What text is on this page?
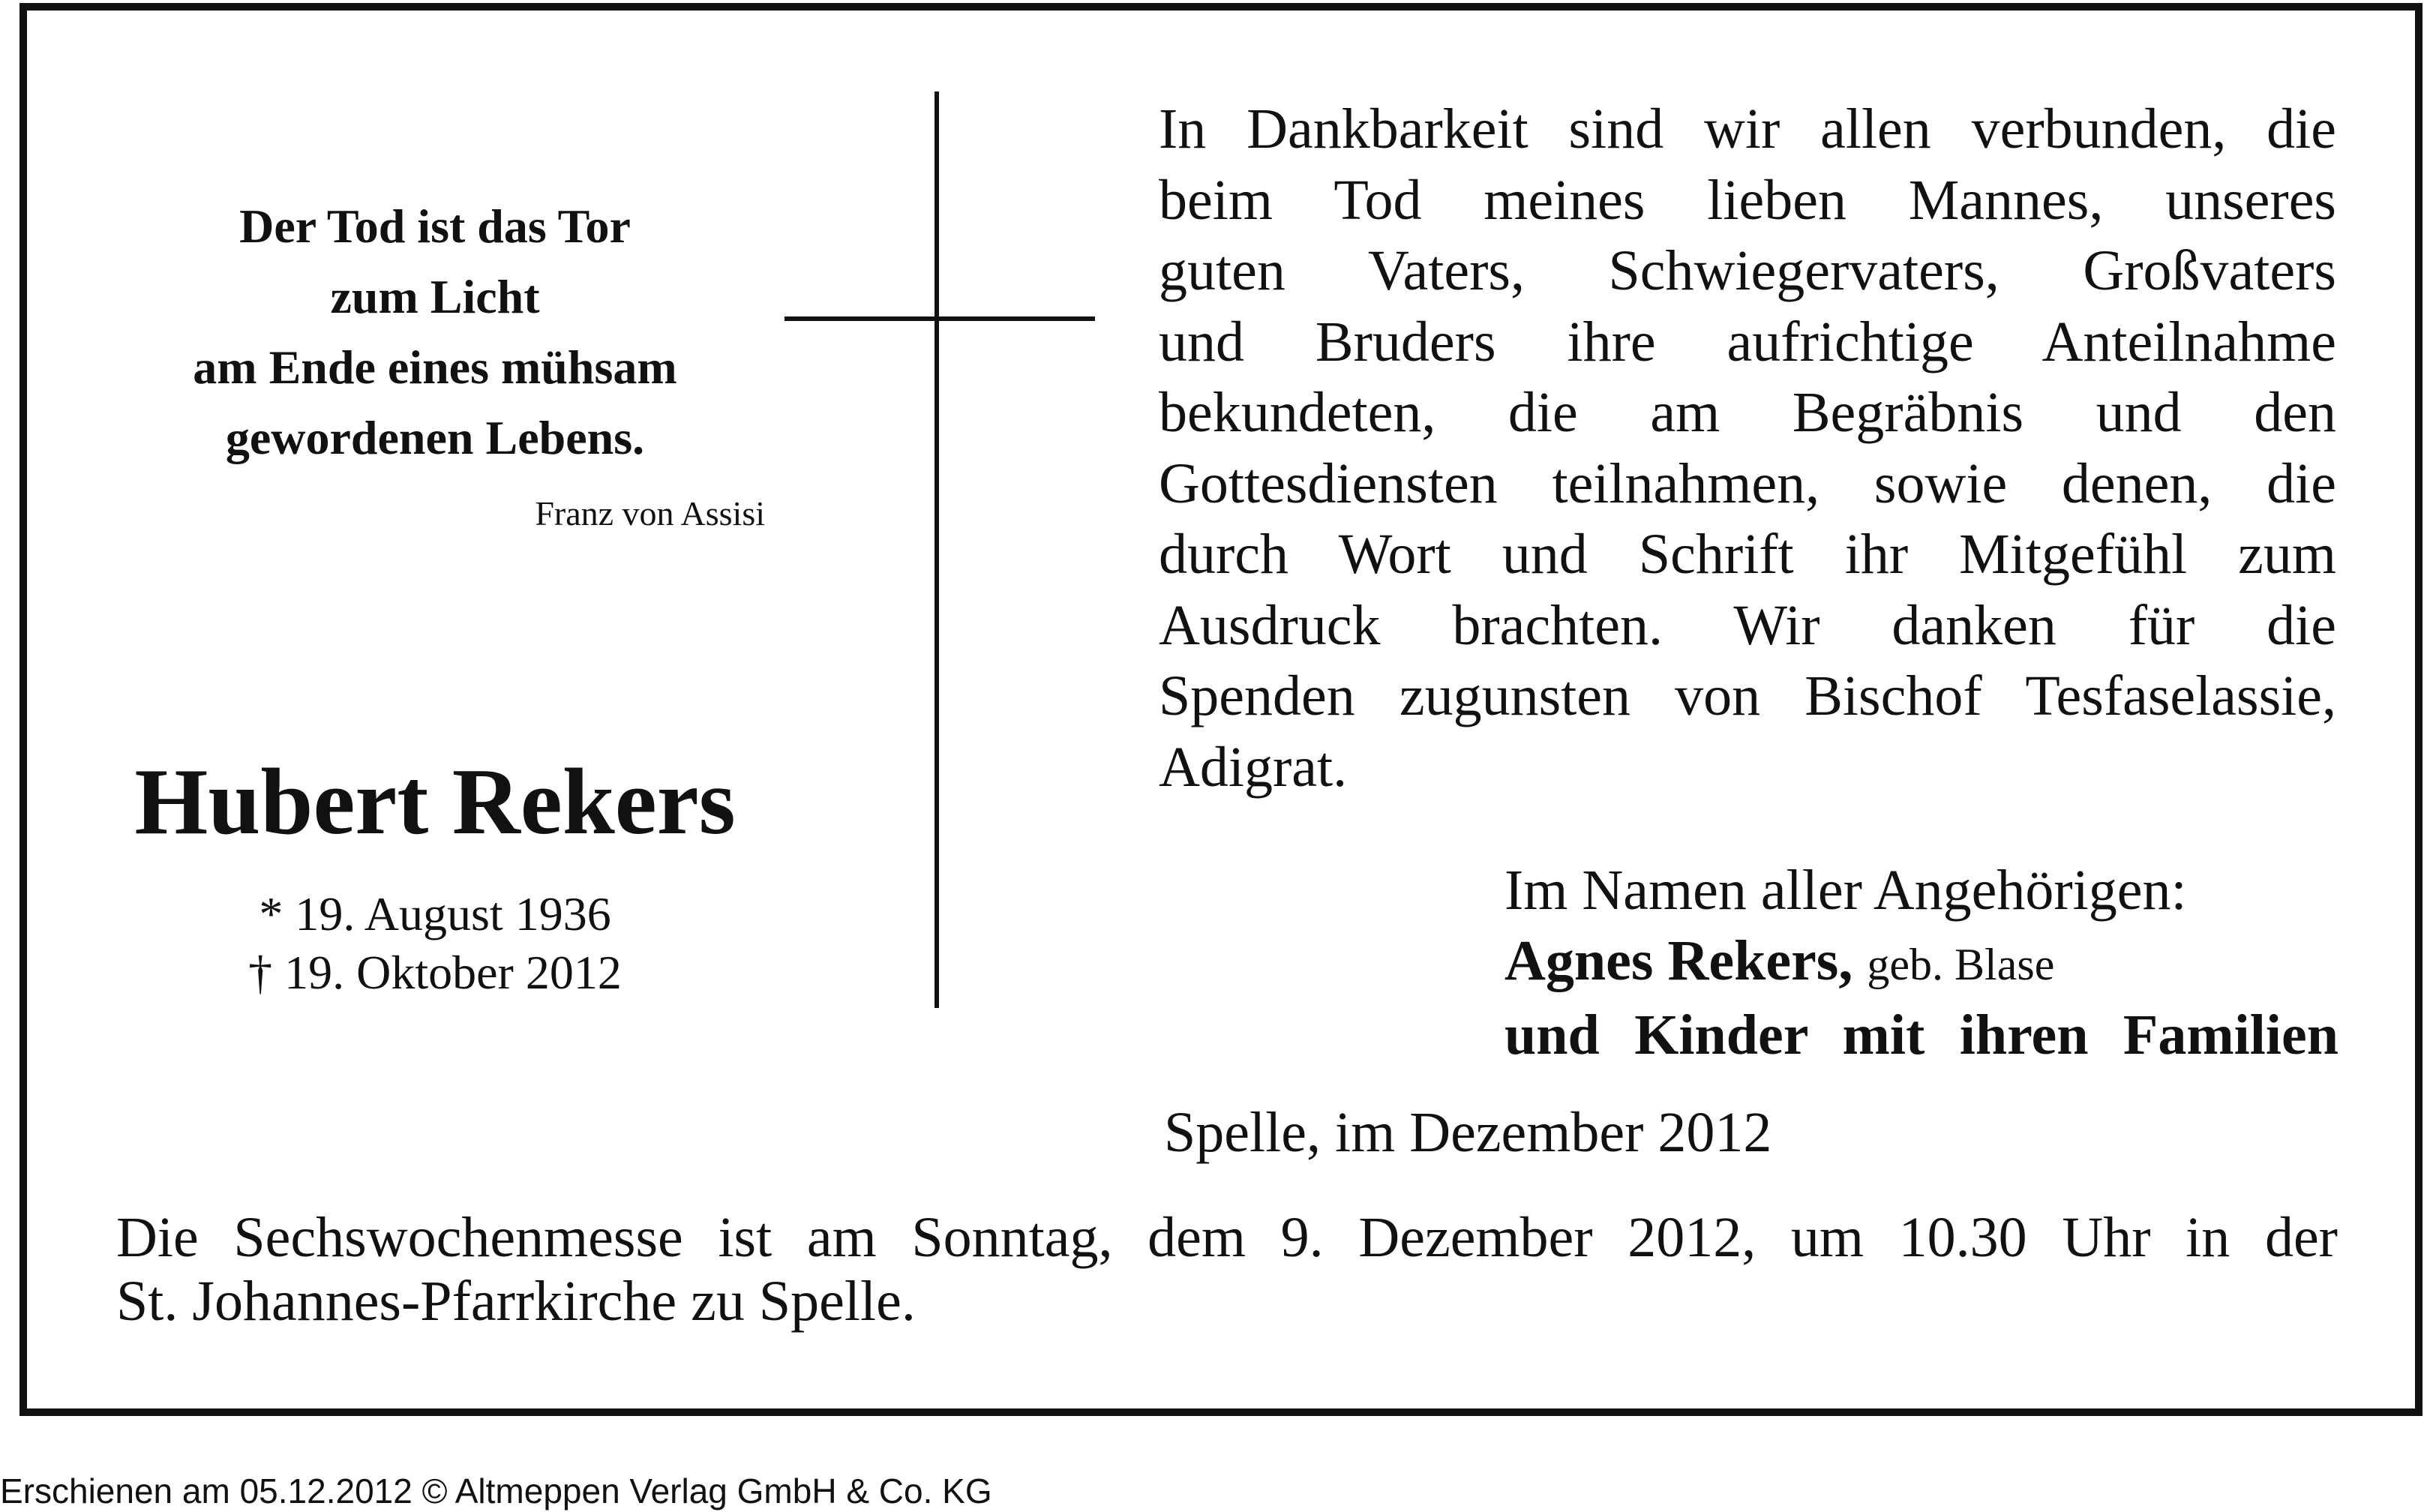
Der Tod ist das Tor
zum Licht
am Ende eines mühsam
gewordenen Lebens.
Franz von Assisi
Hubert Rekers
* 19. August 1936
† 19. Oktober 2012
In Dankbarkeit sind wir allen verbunden, die
beim Tod meines lieben Mannes, unseres
guten Vaters, Schwiegervaters, Großvaters
und Bruders ihre aufrichtige Anteilnahme
bekundeten, die am Begräbnis und den
Gottesdiensten teilnahmen, sowie denen, die
durch Wort und Schrift ihr Mitgefühl zum
Ausdruck brachten. Wir danken für die
Spenden zugunsten von Bischof Tesfaselassie,
Adigrat.
Im Namen aller Angehörigen:
Agnes Rekers, geb. Blase
und Kinder mit ihren Familien
Spelle, im Dezember 2012
Die Sechswochenmesse ist am Sonntag, dem 9. Dezember 2012, um 10.30 Uhr in der
St. Johannes-Pfarrkirche zu Spelle.
Erschienen am 05.12.2012 © Altmeppen Verlag GmbH & Co. KG
